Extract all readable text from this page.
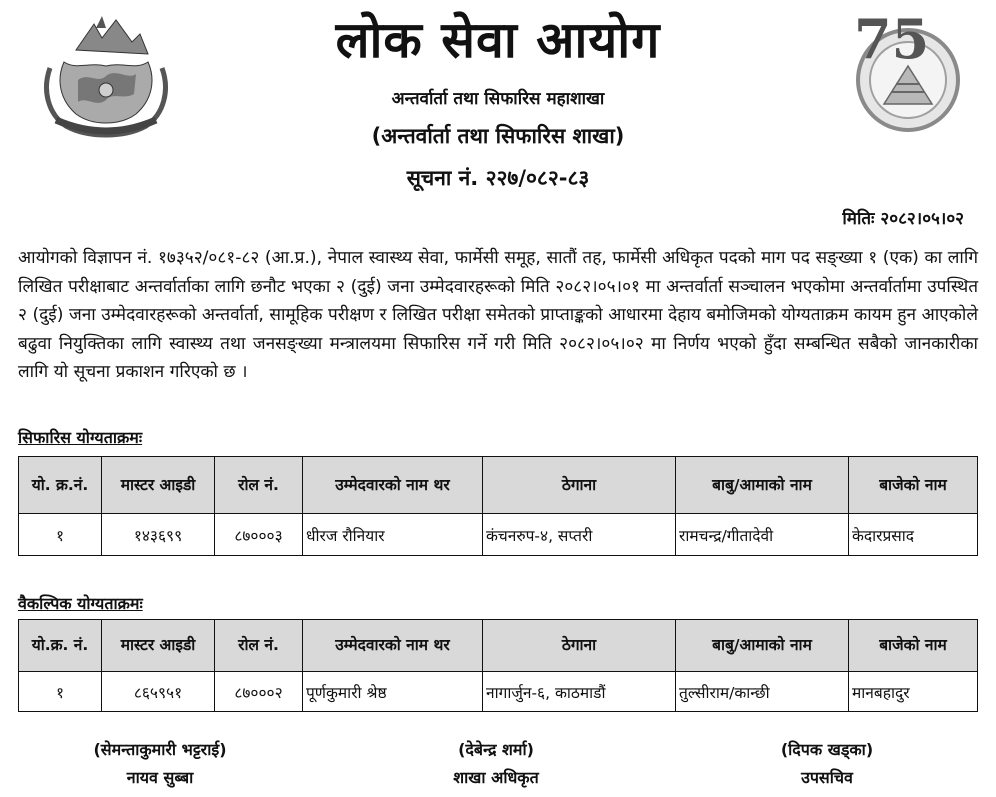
75
लोक सेवा आयोग
अन्तर्वार्ता तथा सिफारिस महाशाखा
(अन्तर्वार्ता तथा सिफारिस शाखा)
सूचना नं. २२७/०८२-८३
मितिः २०८२।०५।०२

आयोगको विज्ञापन नं. १७३५२/०८१-८२ (आ.प्र.), नेपाल स्वास्थ्य सेवा, फार्मेसी समूह, सातौं तह, फार्मेसी अधिकृत पदको माग पद सङ्ख्या १ (एक) का लागि लिखित परीक्षाबाट अन्तर्वार्ताका लागि छनौट भएका २ (दुई) जना उम्मेदवारहरूको मिति २०८२।०५।०१ मा अन्तर्वार्ता सञ्चालन भएकोमा अन्तर्वार्तामा उपस्थित २ (दुई) जना उम्मेदवारहरूको अन्तर्वार्ता, सामूहिक परीक्षण र लिखित परीक्षा समेतको प्राप्ताङ्कको आधारमा देहाय बमोजिमको योग्यताक्रम कायम हुन आएकोले बढुवा नियुक्तिका लागि स्वास्थ्य तथा जनसङ्ख्या मन्त्रालयमा सिफारिस गर्ने गरी मिति २०८२।०५।०२ मा निर्णय भएको हुँदा सम्बन्धित सबैको जानकारीका लागि यो सूचना प्रकाशन गरिएको छ ।

सिफारिस योग्यताक्रमः
यो. क्र.नं.	मास्टर आइडी	रोल नं.	उम्मेदवारको नाम थर	ठेगाना	बाबु/आमाको नाम	बाजेको नाम
१	१४३६९९	८७०००३	धीरज रौनियार	कंचनरुप-४, सप्तरी	रामचन्द्र/गीतादेवी	केदारप्रसाद
वैकल्पिक योग्यताक्रमः
यो.क्र. नं.	मास्टर आइडी	रोल नं.	उम्मेदवारको नाम थर	ठेगाना	बाबु/आमाको नाम	बाजेको नाम
१	८६५९५१	८७०००२	पूर्णकुमारी श्रेष्ठ	नागार्जुन-६, काठमाडौं	तुल्सीराम/कान्छी	मानबहादुर
(सेमन्ताकुमारी भट्टराई)
नायव सुब्बा
(देबेन्द्र शर्मा)
शाखा अधिकृत
(दिपक खड्का)
उपसचिव
